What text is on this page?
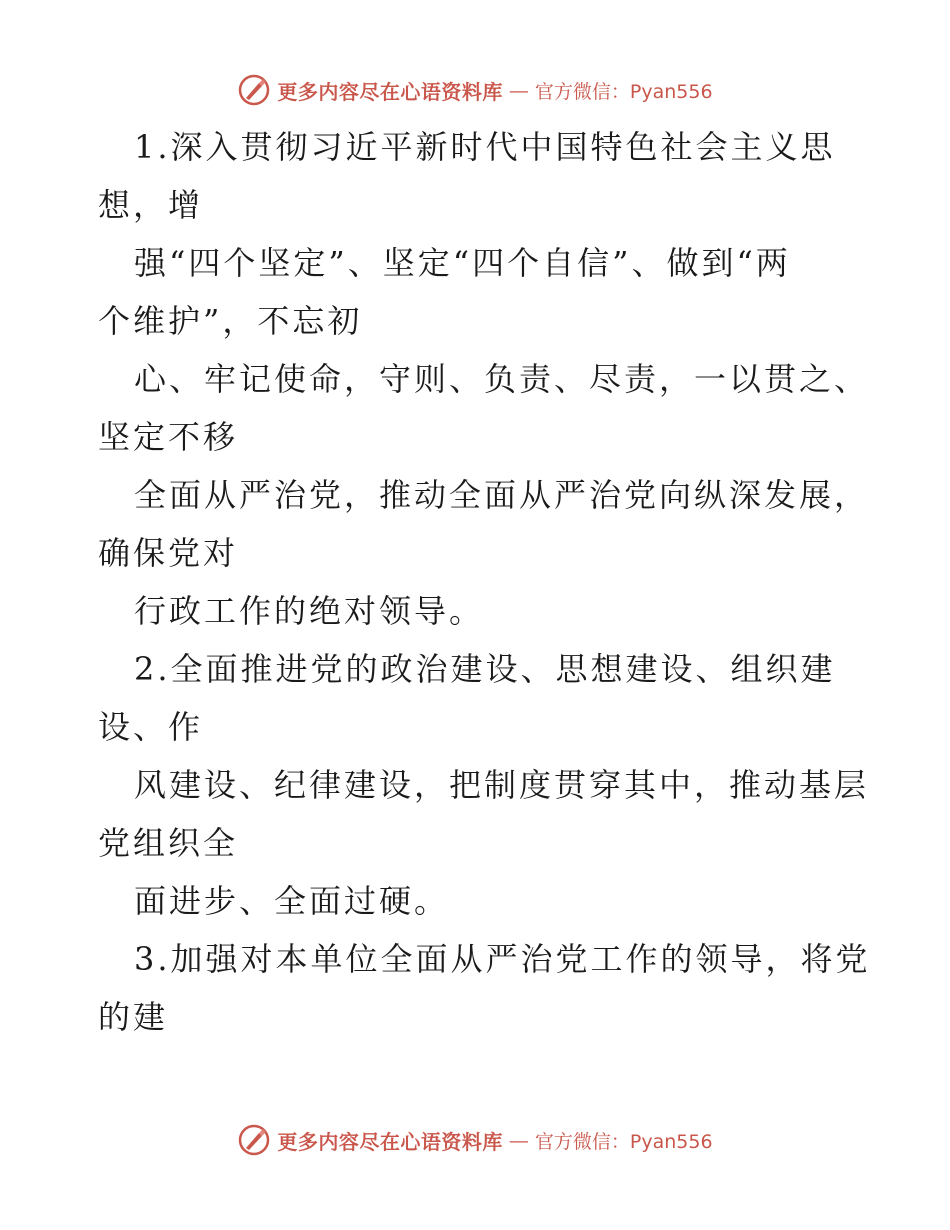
更多内容尽在心语资料库 — 官方微信：Pyan556
1.深入贯彻习近平新时代中国特色社会主义思
想，增
强“四个坚定”、坚定“四个自信”、做到“两
个维护”，不忘初
心、牢记使命，守则、负责、尽责，一以贯之、
坚定不移
全面从严治党，推动全面从严治党向纵深发展，
确保党对
行政工作的绝对领导。
2.全面推进党的政治建设、思想建设、组织建
设、作
风建设、纪律建设，把制度贯穿其中，推动基层
党组织全
面进步、全面过硬。
3.加强对本单位全面从严治党工作的领导，将党
的建
更多内容尽在心语资料库 — 官方微信：Pyan556
